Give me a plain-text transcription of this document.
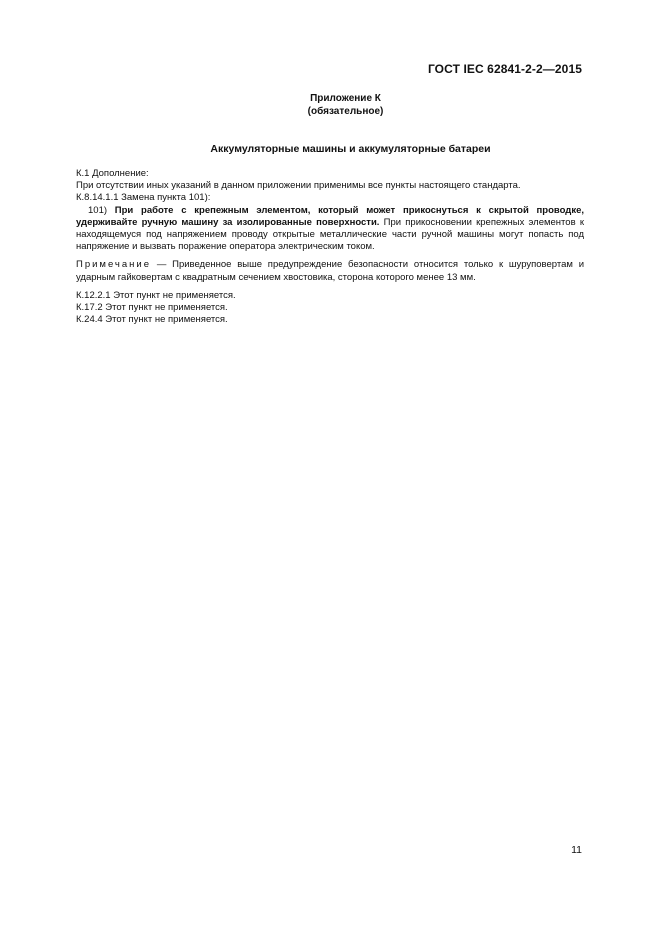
ГОСТ IEC 62841-2-2—2015
Приложение К
(обязательное)
Аккумуляторные машины и аккумуляторные батареи

К.1 Дополнение:

При отсутствии иных указаний в данном приложении применимы все пункты настоящего стандарта.

К.8.14.1.1 Замена пункта 101):

101) При работе с крепежным элементом, который может прикоснуться к скрытой проводке, удерживайте ручную машину за изолированные поверхности. При прикосновении крепежных элементов к находящемуся под напряжением проводу открытые металлические части ручной машины могут попасть под напряжение и вызвать поражение оператора электрическим током.

Примечание — Приведенное выше предупреждение безопасности относится только к шуруповертам и ударным гайковертам с квадратным сечением хвостовика, сторона которого менее 13 мм.

К.12.2.1 Этот пункт не применяется.

К.17.2 Этот пункт не применяется.

К.24.4 Этот пункт не применяется.

11
